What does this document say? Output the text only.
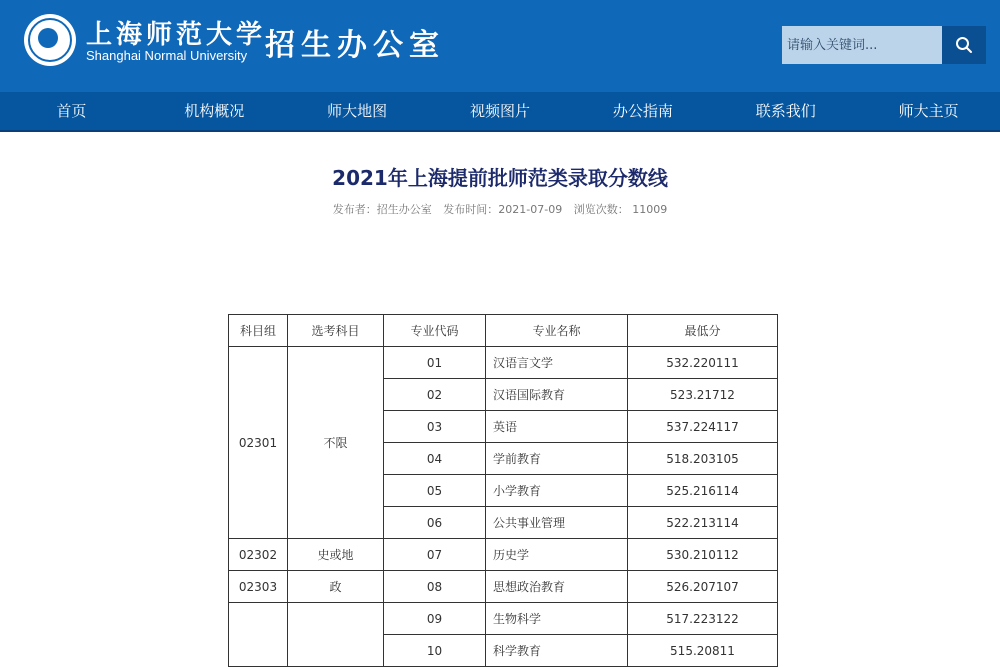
上海师范大学
Shanghai Normal University 招生办公室
请输入关键词...
首页	机构概况	师大地图	视频图片	办公指南	联系我们	师大主页
2021年上海提前批师范类录取分数线
发布者：招生办公室 发布时间：2021-07-09 浏览次数： 11009
科目组	选考科目	专业代码	专业名称	最低分
02301	不限	01	汉语言文学	532.220111
		02	汉语国际教育	523.21712
		03	英语	537.224117
		04	学前教育	518.203105
		05	小学教育	525.216114
		06	公共事业管理	522.213114
02302	史或地	07	历史学	530.210112
02303	政	08	思想政治教育	526.207107
		09	生物科学	517.223122
		10	科学教育	515.20811
